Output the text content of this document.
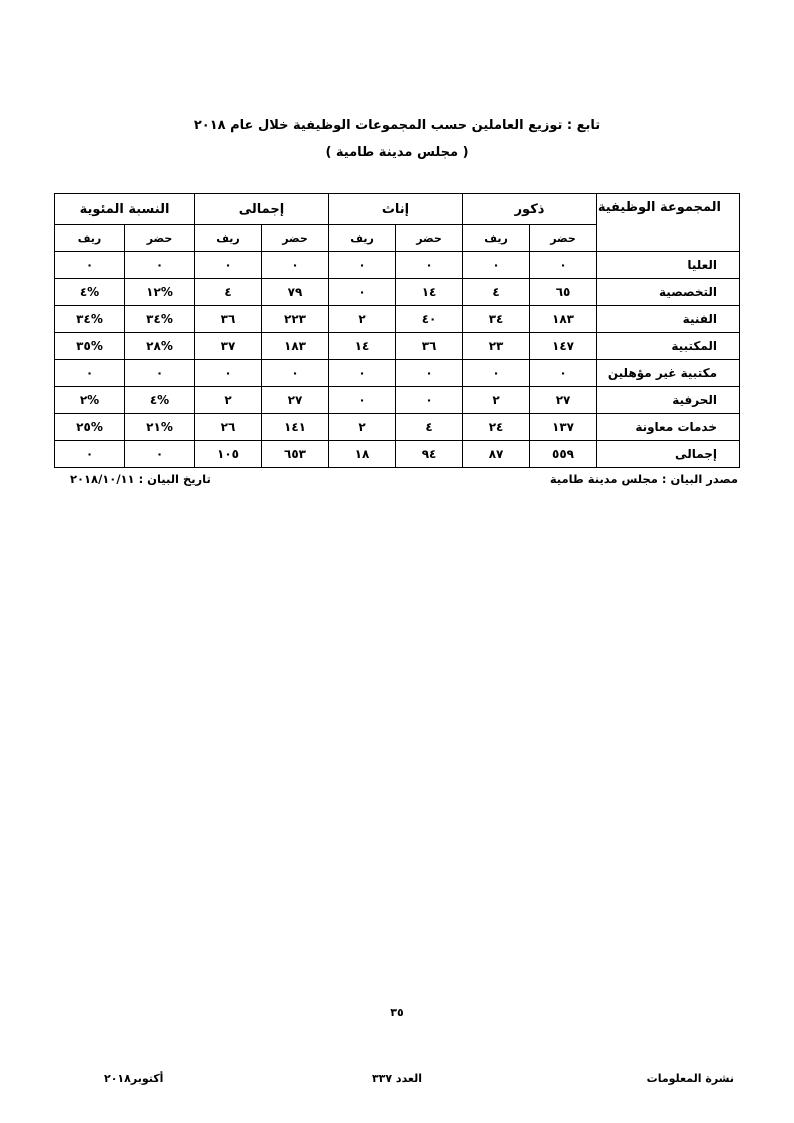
تابع : توزيع العاملين حسب المجموعات الوظيفية خلال عام ٢٠١٨
( مجلس مدينة طامية )
المجموعة الوظيفية	ذكور		إناث		إجمالى		النسبة المئوية	
	حضر	ريف	حضر	ريف	حضر	ريف	حضر	ريف
العليا	٠	٠	٠	٠	٠	٠	٠	٠
التخصصية	٦٥	٤	١٤	٠	٧٩	٤	%١٢	%٤
الفنية	١٨٣	٣٤	٤٠	٢	٢٢٣	٣٦	%٣٤	%٣٤
المكتبية	١٤٧	٢٣	٣٦	١٤	١٨٣	٣٧	%٢٨	%٣٥
مكتبية غير مؤهلين	٠	٠	٠	٠	٠	٠	٠	٠
الحرفية	٢٧	٢	٠	٠	٢٧	٢	%٤	%٢
خدمات معاونة	١٣٧	٢٤	٤	٢	١٤١	٢٦	%٢١	%٢٥
إجمالى	٥٥٩	٨٧	٩٤	١٨	٦٥٣	١٠٥	٠	٠
مصدر البيان : مجلس مدينة طامية
تاريخ البيان : ٢٠١٨/١٠/١١
٣٥
نشرة المعلومات
العدد ٣٣٧
أكتوبر٢٠١٨
